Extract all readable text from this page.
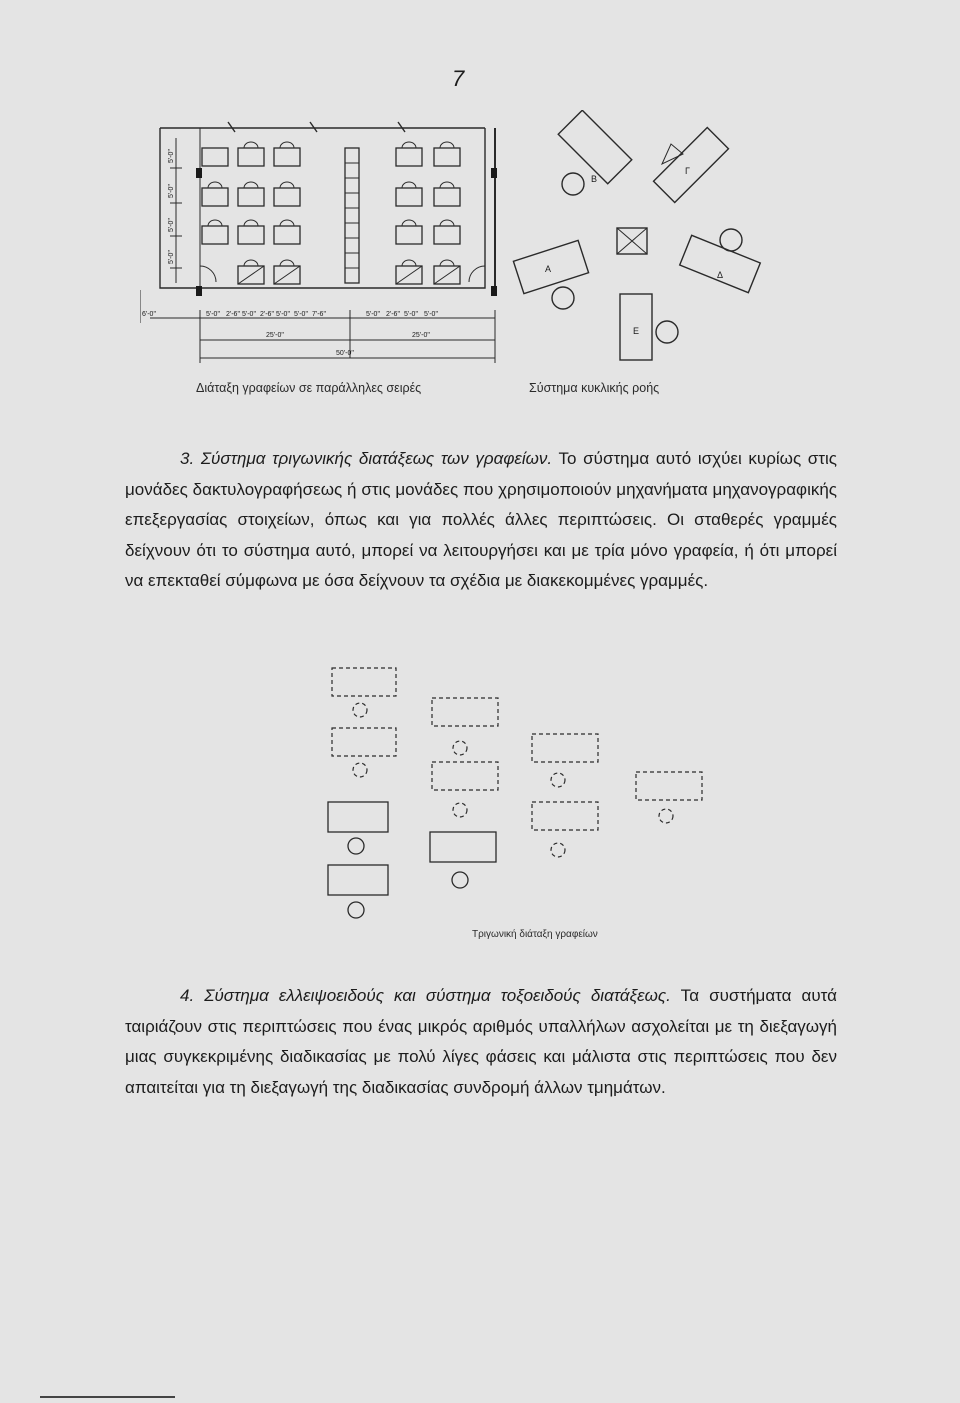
7
5'-0"
5'-0"
5'-0"
5'-0"
6'-0"	5'-0" 2'-6" 5'-0" 2'-6" 5'-0" 5'-0" 7'-6"	5'-0" 2'-6" 5'-0" 5'-0"
25'-0"	25'-0"
50'-0"
Διάταξη γραφείων σε παράλληλες σειρές
Β
Γ
Α
Δ
Ε
Σύστημα κυκλικής ροής

3. Σύστημα τριγωνικής διατάξεως των γραφείων. Το σύστημα αυτό ισχύει κυρίως στις μονάδες δακτυλογραφήσεως ή στις μονάδες που χρησιμοποιούν μηχανήματα μηχανογραφικής επεξεργασίας στοιχείων, όπως και για πολλές άλλες περιπτώσεις. Οι σταθερές γραμμές δείχνουν ότι το σύστημα αυτό, μπορεί να λειτουργήσει και με τρία μόνο γραφεία, ή ότι μπορεί να επεκταθεί σύμφωνα με όσα δείχνουν τα σχέδια με διακεκομμένες γραμμές.

Τριγωνική διάταξη γραφείων

4. Σύστημα ελλειψοειδούς και σύστημα τοξοειδούς διατάξεως. Τα συστήματα αυτά ταιριάζουν στις περιπτώσεις που ένας μικρός αριθμός υπαλλήλων ασχολείται με τη διεξαγωγή μιας συγκεκριμένης διαδικασίας με πολύ λίγες φάσεις και μάλιστα στις περιπτώσεις που δεν απαιτείται για τη διεξαγωγή της διαδικασίας συνδρομή άλλων τμημάτων.
